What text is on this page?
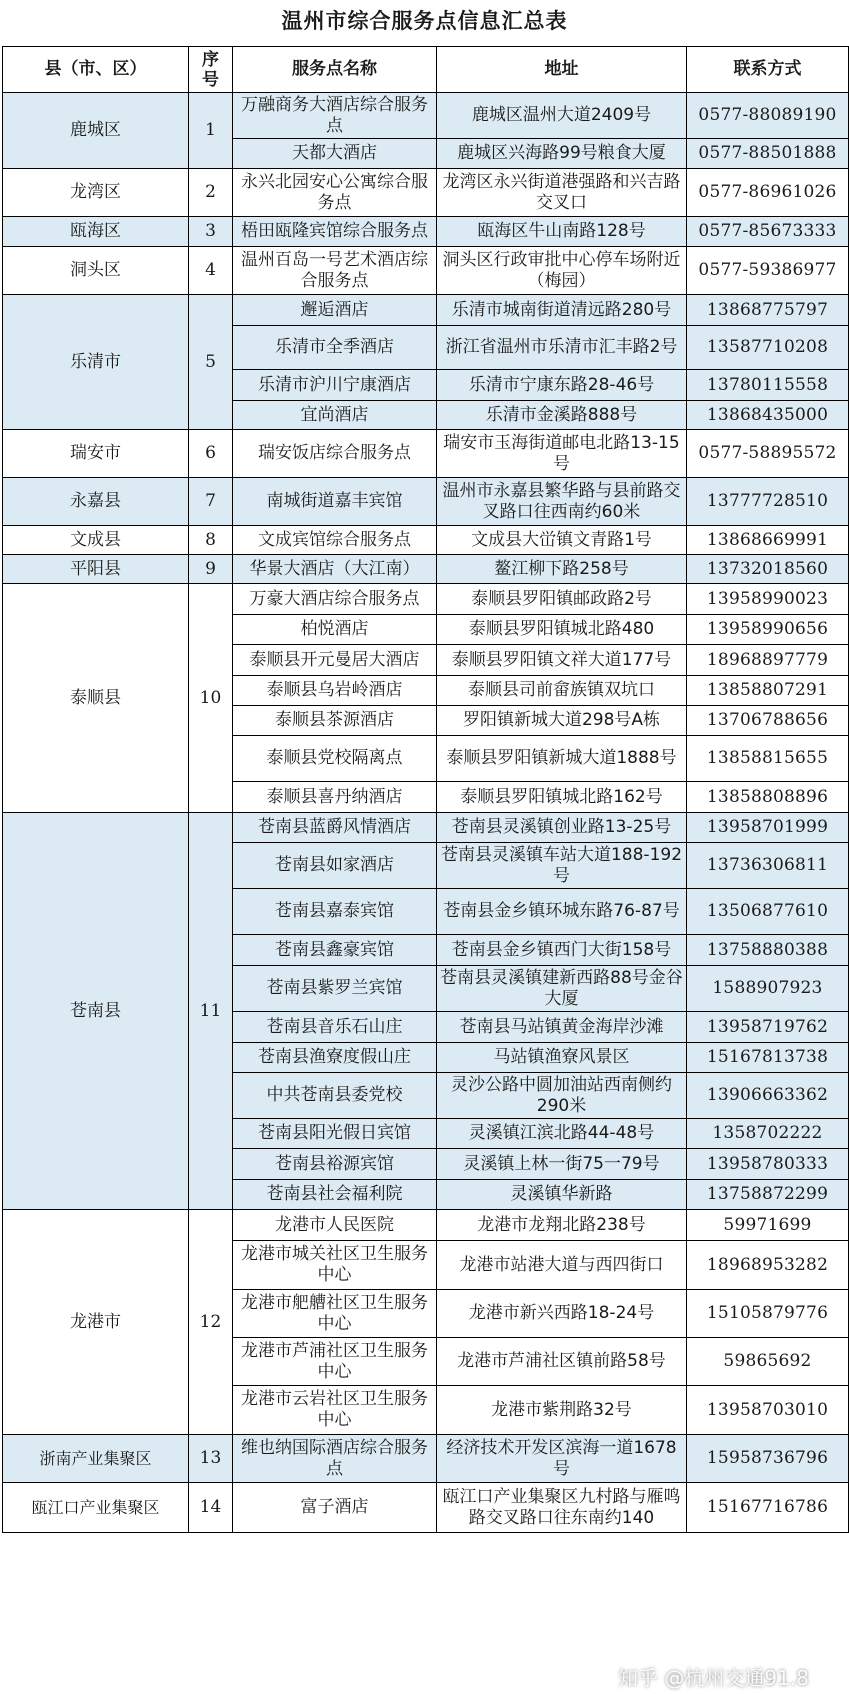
温州市综合服务点信息汇总表
县（市、区）	序号	服务点名称	地址	联系方式
鹿城区	1	万融商务大酒店综合服务点	鹿城区温州大道2409号	0577-88089190
		天都大酒店	鹿城区兴海路99号粮食大厦	0577-88501888
龙湾区	2	永兴北园安心公寓综合服务点	龙湾区永兴街道港强路和兴吉路交叉口	0577-86961026
瓯海区	3	梧田瓯隆宾馆综合服务点	瓯海区牛山南路128号	0577-85673333
洞头区	4	温州百岛一号艺术酒店综合服务点	洞头区行政审批中心停车场附近（梅园）	0577-59386977
乐清市	5	邂逅酒店	乐清市城南街道清远路280号	13868775797
		乐清市全季酒店	浙江省温州市乐清市汇丰路2号	13587710208
		乐清市沪川宁康酒店	乐清市宁康东路28-46号	13780115558
		宜尚酒店	乐清市金溪路888号	13868435000
瑞安市	6	瑞安饭店综合服务点	瑞安市玉海街道邮电北路13-15号	0577-58895572
永嘉县	7	南城街道嘉丰宾馆	温州市永嘉县繁华路与县前路交叉路口往西南约60米	13777728510
文成县	8	文成宾馆综合服务点	文成县大峃镇文青路1号	13868669991
平阳县	9	华景大酒店（大江南）	鳌江柳下路258号	13732018560
泰顺县	10	万豪大酒店综合服务点	泰顺县罗阳镇邮政路2号	13958990023
		柏悦酒店	泰顺县罗阳镇城北路480	13958990656
		泰顺县开元曼居大酒店	泰顺县罗阳镇文祥大道177号	18968897779
		泰顺县乌岩岭酒店	泰顺县司前畲族镇双坑口	13858807291
		泰顺县茶源酒店	罗阳镇新城大道298号A栋	13706788656
		泰顺县党校隔离点	泰顺县罗阳镇新城大道1888号	13858815655
		泰顺县喜丹纳酒店	泰顺县罗阳镇城北路162号	13858808896
苍南县	11	苍南县蓝爵风情酒店	苍南县灵溪镇创业路13-25号	13958701999
		苍南县如家酒店	苍南县灵溪镇车站大道188-192号	13736306811
		苍南县嘉泰宾馆	苍南县金乡镇环城东路76-87号	13506877610
		苍南县鑫豪宾馆	苍南县金乡镇西门大街158号	13758880388
		苍南县紫罗兰宾馆	苍南县灵溪镇建新西路88号金谷大厦	1588907923
		苍南县音乐石山庄	苍南县马站镇黄金海岸沙滩	13958719762
		苍南县渔寮度假山庄	马站镇渔寮风景区	15167813738
		中共苍南县委党校	灵沙公路中圆加油站西南侧约290米	13906663362
		苍南县阳光假日宾馆	灵溪镇江滨北路44-48号	1358702222
		苍南县裕源宾馆	灵溪镇上林一街75一79号	13958780333
		苍南县社会福利院	灵溪镇华新路	13758872299
龙港市	12	龙港市人民医院	龙港市龙翔北路238号	59971699
		龙港市城关社区卫生服务中心	龙港市站港大道与西四街口	18968953282
		龙港市舥艚社区卫生服务中心	龙港市新兴西路18-24号	15105879776
		龙港市芦浦社区卫生服务中心	龙港市芦浦社区镇前路58号	59865692
		龙港市云岩社区卫生服务中心	龙港市紫荆路32号	13958703010
浙南产业集聚区	13	维也纳国际酒店综合服务点	经济技术开发区滨海一道1678号	15958736796
瓯江口产业集聚区	14	富子酒店	瓯江口产业集聚区九村路与雁鸣路交叉路口往东南约140	15167716786
知乎 @杭州交通91.8
